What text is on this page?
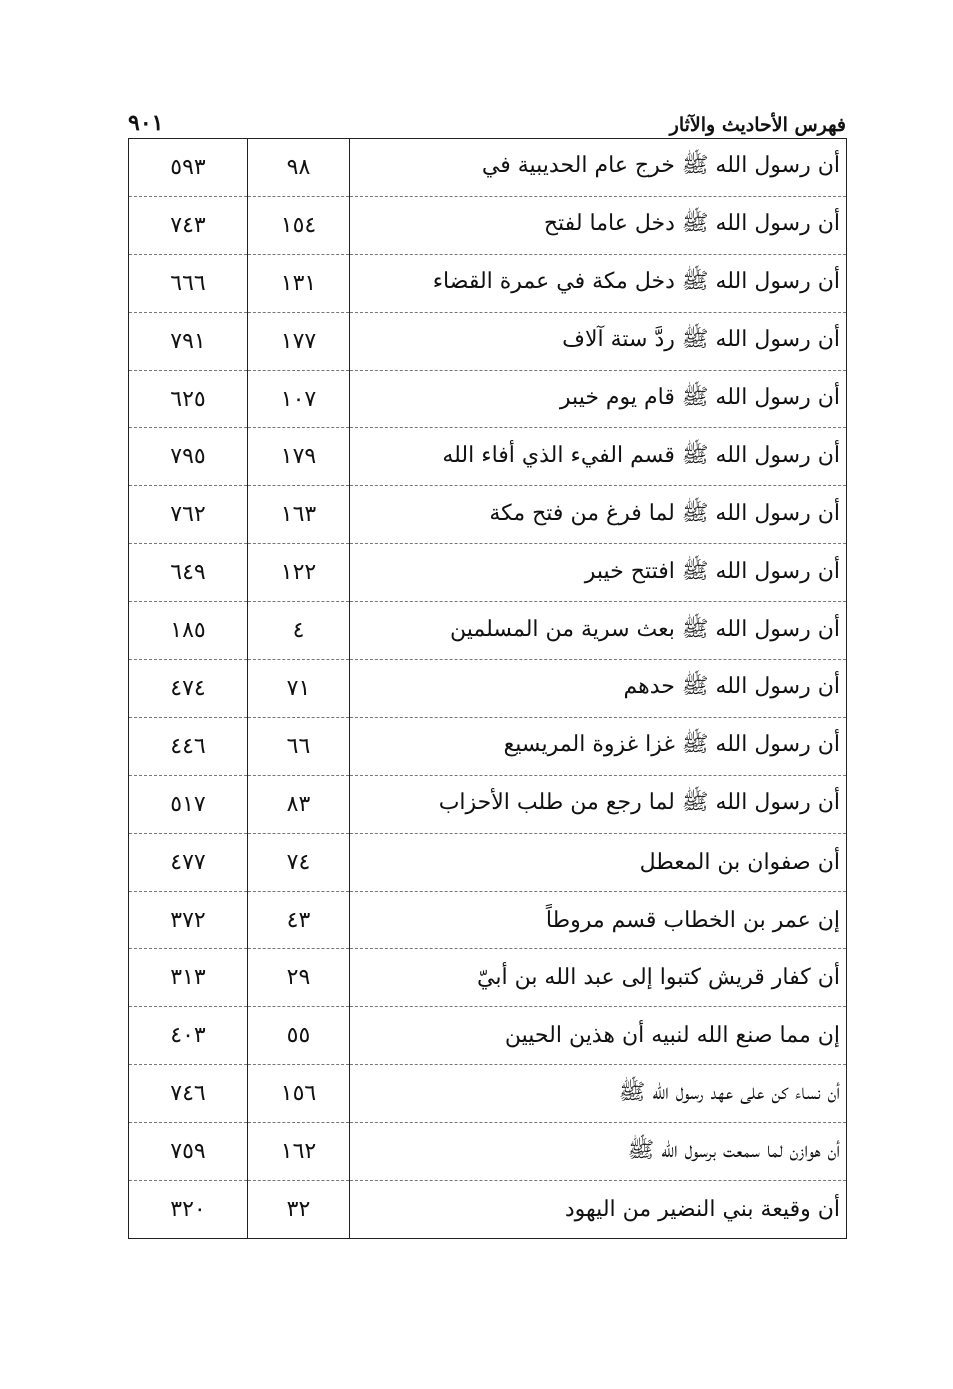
٩٠١	فهرس الأحاديث والآثار
٥٩٣	٩٨	أن رسول الله ﷺ خرج عام الحديبية في
٧٤٣	١٥٤	أن رسول الله ﷺ دخل عاما لفتح
٦٦٦	١٣١	أن رسول الله ﷺ دخل مكة في عمرة القضاء
٧٩١	١٧٧	أن رسول الله ﷺ ردَّ ستة آلاف
٦٢٥	١٠٧	أن رسول الله ﷺ قام يوم خيبر
٧٩٥	١٧٩	أن رسول الله ﷺ قسم الفيء الذي أفاء الله
٧٦٢	١٦٣	أن رسول الله ﷺ لما فرغ من فتح مكة
٦٤٩	١٢٢	أن رسول الله ﷺ افتتح خيبر
١٨٥	٤	أن رسول الله ﷺ بعث سرية من المسلمين
٤٧٤	٧١	أن رسول الله ﷺ حدهم
٤٤٦	٦٦	أن رسول الله ﷺ غزا غزوة المريسيع
٥١٧	٨٣	أن رسول الله ﷺ لما رجع من طلب الأحزاب
٤٧٧	٧٤	أن صفوان بن المعطل
٣٧٢	٤٣	إن عمر بن الخطاب قسم مروطاً
٣١٣	٢٩	أن كفار قريش كتبوا إلى عبد الله بن أبيّ
٤٠٣	٥٥	إن مما صنع الله لنبيه أن هذين الحيين
٧٤٦	١٥٦	أن نساء كن على عهد رسول الله ﷺ
٧٥٩	١٦٢	أن هوازن لما سمعت برسول الله ﷺ
٣٢٠	٣٢	أن وقيعة بني النضير من اليهود
